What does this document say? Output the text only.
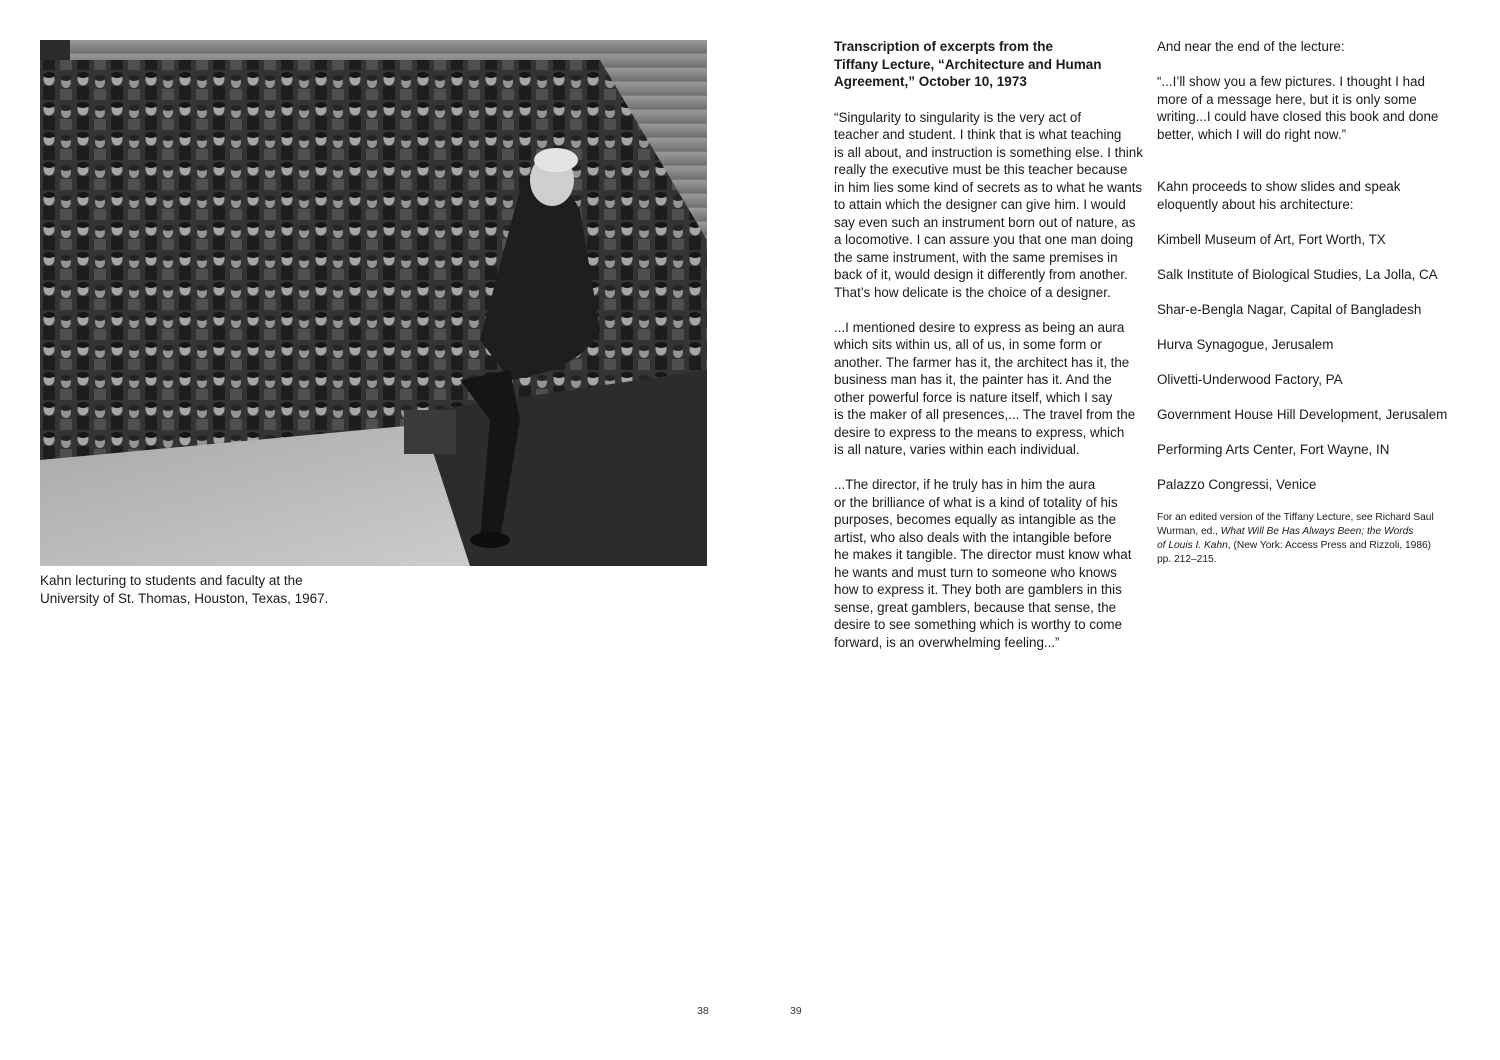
Kahn lecturing to students and faculty at the
University of St. Thomas, Houston, Texas, 1967.
38
Transcription of excerpts from the
Tiffany Lecture, “Architecture and Human
Agreement,” October 10, 1973
“Singularity to singularity is the very act of
teacher and student. I think that is what teaching
is all about, and instruction is something else. I think
really the executive must be this teacher because
in him lies some kind of secrets as to what he wants
to attain which the designer can give him. I would
say even such an instrument born out of nature, as
a locomotive. I can assure you that one man doing
the same instrument, with the same premises in
back of it, would design it differently from another.
That’s how delicate is the choice of a designer.
...I mentioned desire to express as being an aura
which sits within us, all of us, in some form or
another. The farmer has it, the architect has it, the
business man has it, the painter has it. And the
other powerful force is nature itself, which I say
is the maker of all presences,... The travel from the
desire to express to the means to express, which
is all nature, varies within each individual.
...The director, if he truly has in him the aura
or the brilliance of what is a kind of totality of his
purposes, becomes equally as intangible as the
artist, who also deals with the intangible before
he makes it tangible. The director must know what
he wants and must turn to someone who knows
how to express it. They both are gamblers in this
sense, great gamblers, because that sense, the
desire to see something which is worthy to come
forward, is an overwhelming feeling...”
And near the end of the lecture:
“...I’ll show you a few pictures. I thought I had
more of a message here, but it is only some
writing...I could have closed this book and done
better, which I will do right now.”
Kahn proceeds to show slides and speak
eloquently about his architecture:

Kimbell Museum of Art, Fort Worth, TX

Salk Institute of Biological Studies, La Jolla, CA

Shar-e-Bengla Nagar, Capital of Bangladesh

Hurva Synagogue, Jerusalem

Olivetti-Underwood Factory, PA

Government House Hill Development, Jerusalem

Performing Arts Center, Fort Wayne, IN

Palazzo Congressi, Venice

For an edited version of the Tiffany Lecture, see Richard Saul
Wurman, ed., What Will Be Has Always Been; the Words
of Louis I. Kahn, (New York: Access Press and Rizzoli, 1986)
pp. 212–215.
39
